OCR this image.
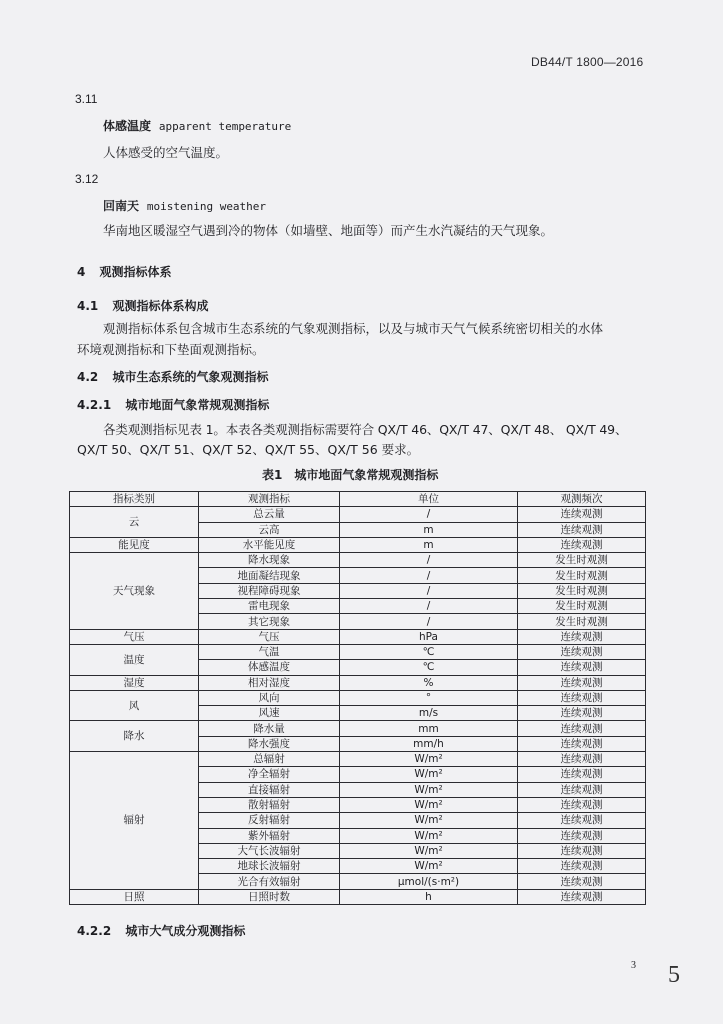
DB44/T 1800—2016
3.11
体感温度 apparent temperature
人体感受的空气温度。
3.12
回南天 moistening weather
华南地区暖湿空气遇到冷的物体（如墙壁、地面等）而产生水汽凝结的天气现象。
4 观测指标体系
4.1 观测指标体系构成
观测指标体系包含城市生态系统的气象观测指标，以及与城市天气气候系统密切相关的水体
环境观测指标和下垫面观测指标。
4.2 城市生态系统的气象观测指标
4.2.1 城市地面气象常规观测指标
各类观测指标见表 1。本表各类观测指标需要符合 QX/T 46、QX/T 47、QX/T 48、 QX/T 49、
QX/T 50、QX/T 51、QX/T 52、QX/T 55、QX/T 56 要求。
表1　城市地面气象常规观测指标
指标类别	观测指标	单位	观测频次
云	总云量	/	连续观测
	云高	m	连续观测
能见度	水平能见度	m	连续观测
天气现象	降水现象	/	发生时观测
	地面凝结现象	/	发生时观测
	视程障碍现象	/	发生时观测
	雷电现象	/	发生时观测
	其它现象	/	发生时观测
气压	气压	hPa	连续观测
温度	气温	℃	连续观测
	体感温度	℃	连续观测
湿度	相对湿度	%	连续观测
风	风向	°	连续观测
	风速	m/s	连续观测
降水	降水量	mm	连续观测
	降水强度	mm/h	连续观测
辐射	总辐射	W/m²	连续观测
	净全辐射	W/m²	连续观测
	直接辐射	W/m²	连续观测
	散射辐射	W/m²	连续观测
	反射辐射	W/m²	连续观测
	紫外辐射	W/m²	连续观测
	大气长波辐射	W/m²	连续观测
	地球长波辐射	W/m²	连续观测
	光合有效辐射	μmol/(s·m²)	连续观测
日照	日照时数	h	连续观测
4.2.2 城市大气成分观测指标
3 5
